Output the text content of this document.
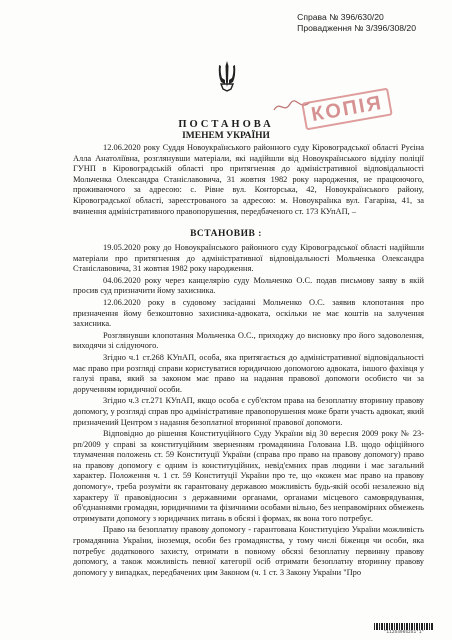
Справа № 396/630/20
Провадження № 3/396/308/20
КОПІЯ
ПОСТАНОВА
ІМЕНЕМ УКРАЇНИ

12.06.2020 року Суддя Новоукраїнського районного суду Кіровоградської області Руєіна Алла Анатоліївна, розглянувши матеріали, які надійшли від Новоукраїнського відділу поліції ГУНП в Кіровоградській області про притягнення до адміністративної відповідальності Мольченка Олександра Станіславовича, 31 жовтня 1982 року народження, не працюючого, проживаючого за адресою: с. Рівне вул. Конторська, 42, Новоукраїнського району, Кіровоградської області, зареєстрованого за адресою: м. Новоукраїнка вул. Гагаріна, 41, за вчинення адміністративного правопорушення, передбаченого ст. 173 КУпАП, –

ВСТАНОВИВ :

19.05.2020 року до Новоукраїнського районного суду Кіровоградської області надійшли матеріали про притягнення до адміністративної відповідальності Мольченка Олександра Станіславовича, 31 жовтня 1982 року народження.

04.06.2020 року через канцелярію суду Мольченко О.С. подав письмову заяву в якій просив суд призначити йому захисника.

12.06.2020 року в судовому засіданні Мольченко О.С. заявив клопотання про призначення йому безкоштовно захисника-адвоката, оскільки не має коштів на залучення захисника.

Розглянувши клопотання Мольченка О.С., приходжу до висновку про його задоволення, виходячи зі слідуючого.

Згідно ч.1 ст.268 КУпАП, особа, яка притягається до адміністративної відповідальності має право при розгляді справи користуватися юридичною допомогою адвоката, іншого фахівця у галузі права, який за законом має право на надання правової допомоги особисто чи за дорученням юридичної особи.

Згідно ч.3 ст.271 КУпАП, якщо особа є суб'єктом права на безоплатну вторинну правову допомогу, у розгляді справ про адміністративне правопорушення може брати участь адвокат, який призначений Центром з надання безоплатної вторинної правової допомоги.

Відповідно до рішення Конституційного Суду України від 30 вересня 2009 року № 23-рп/2009 у справі за конституційним зверненням громадянина Голована І.В. щодо офіційного тлумачення положень ст. 59 Конституції України (справа про право на правову допомогу) право на правову допомогу є одним із конституційних, невід'ємних прав людини і має загальний характер. Положення ч. 1 ст. 59 Конституції України про те, що «кожен має право на правову допомогу», треба розуміти як гарантовану державою можливість будь-якій особі незалежно від характеру її правовідносин з державними органами, органами місцевого самоврядування, об'єднаннями громадян, юридичними та фізичними особами вільно, без неправомірних обмежень отримувати допомогу з юридичних питань в обсязі і формах, як вона того потребує.

Право на безоплатну правову допомогу - гарантована Конституцією України можливість громадянина України, іноземця, особи без громадянства, у тому числі біженця чи особи, яка потребує додаткового захисту, отримати в повному обсязі безоплатну первинну правову допомогу, а також можливість певної категорії осіб отримати безоплатну вторинну правову допомогу у випадках, передбачених цим Законом (ч. 1 ст. 3 Закону України "Про

*11254965251*1*
